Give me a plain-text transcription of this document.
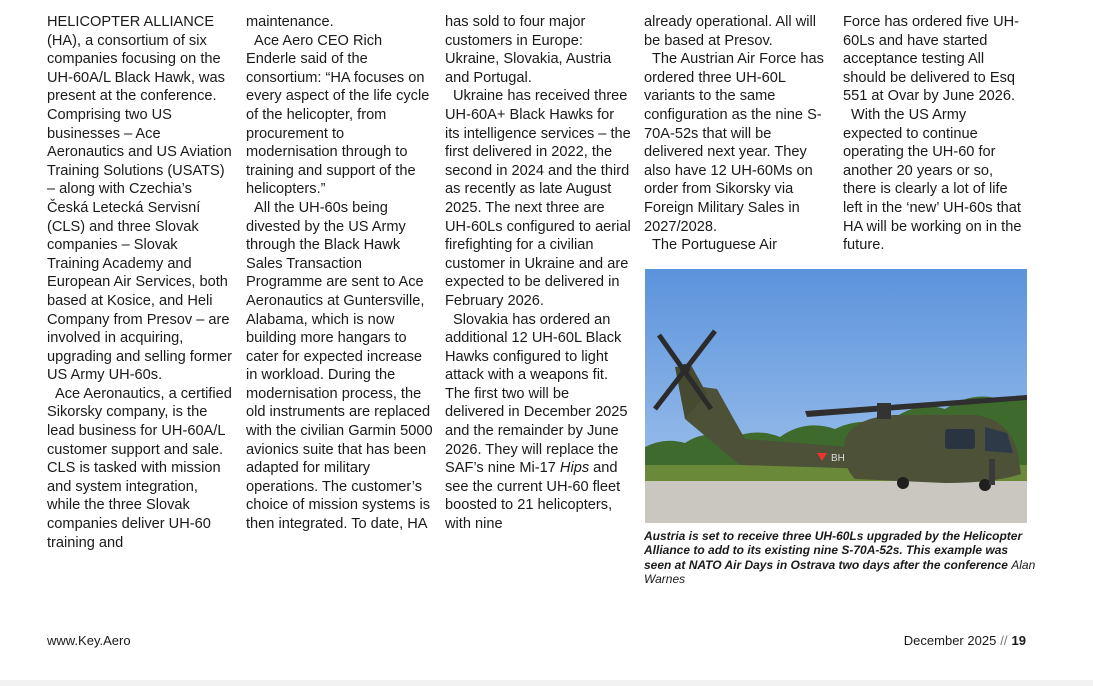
HELICOPTER ALLIANCE (HA), a consortium of six companies focusing on the UH-60A/L Black Hawk, was present at the conference. Comprising two US businesses – Ace Aeronautics and US Aviation Training Solutions (USATS) – along with Czechia’s Česká Letecká Servisní (CLS) and three Slovak companies – Slovak Training Academy and European Air Services, both based at Kosice, and Heli Company from Presov – are involved in acquiring, upgrading and selling former US Army UH-60s.

Ace Aeronautics, a certified Sikorsky company, is the lead business for UH-60A/L customer support and sale. CLS is tasked with mission and system integration, while the three Slovak companies deliver UH-60 training and

maintenance.

Ace Aero CEO Rich Enderle said of the consortium: “HA focuses on every aspect of the life cycle of the helicopter, from procurement to modernisation through to training and support of the helicopters.”

All the UH-60s being divested by the US Army through the Black Hawk Sales Transaction Programme are sent to Ace Aeronautics at Guntersville, Alabama, which is now building more hangars to cater for expected increase in workload. During the modernisation process, the old instruments are replaced with the civilian Garmin 5000 avionics suite that has been adapted for military operations. The customer’s choice of mission systems is then integrated. To date, HA

has sold to four major customers in Europe: Ukraine, Slovakia, Austria and Portugal.

Ukraine has received three UH-60A+ Black Hawks for its intelligence services – the first delivered in 2022, the second in 2024 and the third as recently as late August 2025. The next three are UH-60Ls configured to aerial firefighting for a civilian customer in Ukraine and are expected to be delivered in February 2026.

Slovakia has ordered an additional 12 UH-60L Black Hawks configured to light attack with a weapons fit. The first two will be delivered in December 2025 and the remainder by June 2026. They will replace the SAF’s nine Mi-17 Hips and see the current UH-60 fleet boosted to 21 helicopters, with nine

already operational. All will be based at Presov.

The Austrian Air Force has ordered three UH-60L variants to the same configuration as the nine S-70A-52s that will be delivered next year. They also have 12 UH-60Ms on order from Sikorsky via Foreign Military Sales in 2027/2028.

The Portuguese Air

Force has ordered five UH-60Ls and have started acceptance testing All should be delivered to Esq 551 at Ovar by June 2026.

With the US Army expected to continue operating the UH-60 for another 20 years or so, there is clearly a lot of life left in the ‘new’ UH-60s that HA will be working on in the future.

BH
Austria is set to receive three UH-60Ls upgraded by the Helicopter Alliance to add to its existing nine S-70A-52s. This example was seen at NATO Air Days in Ostrava two days after the conference Alan Warnes
www.Key.Aero	December 2025 // 19
